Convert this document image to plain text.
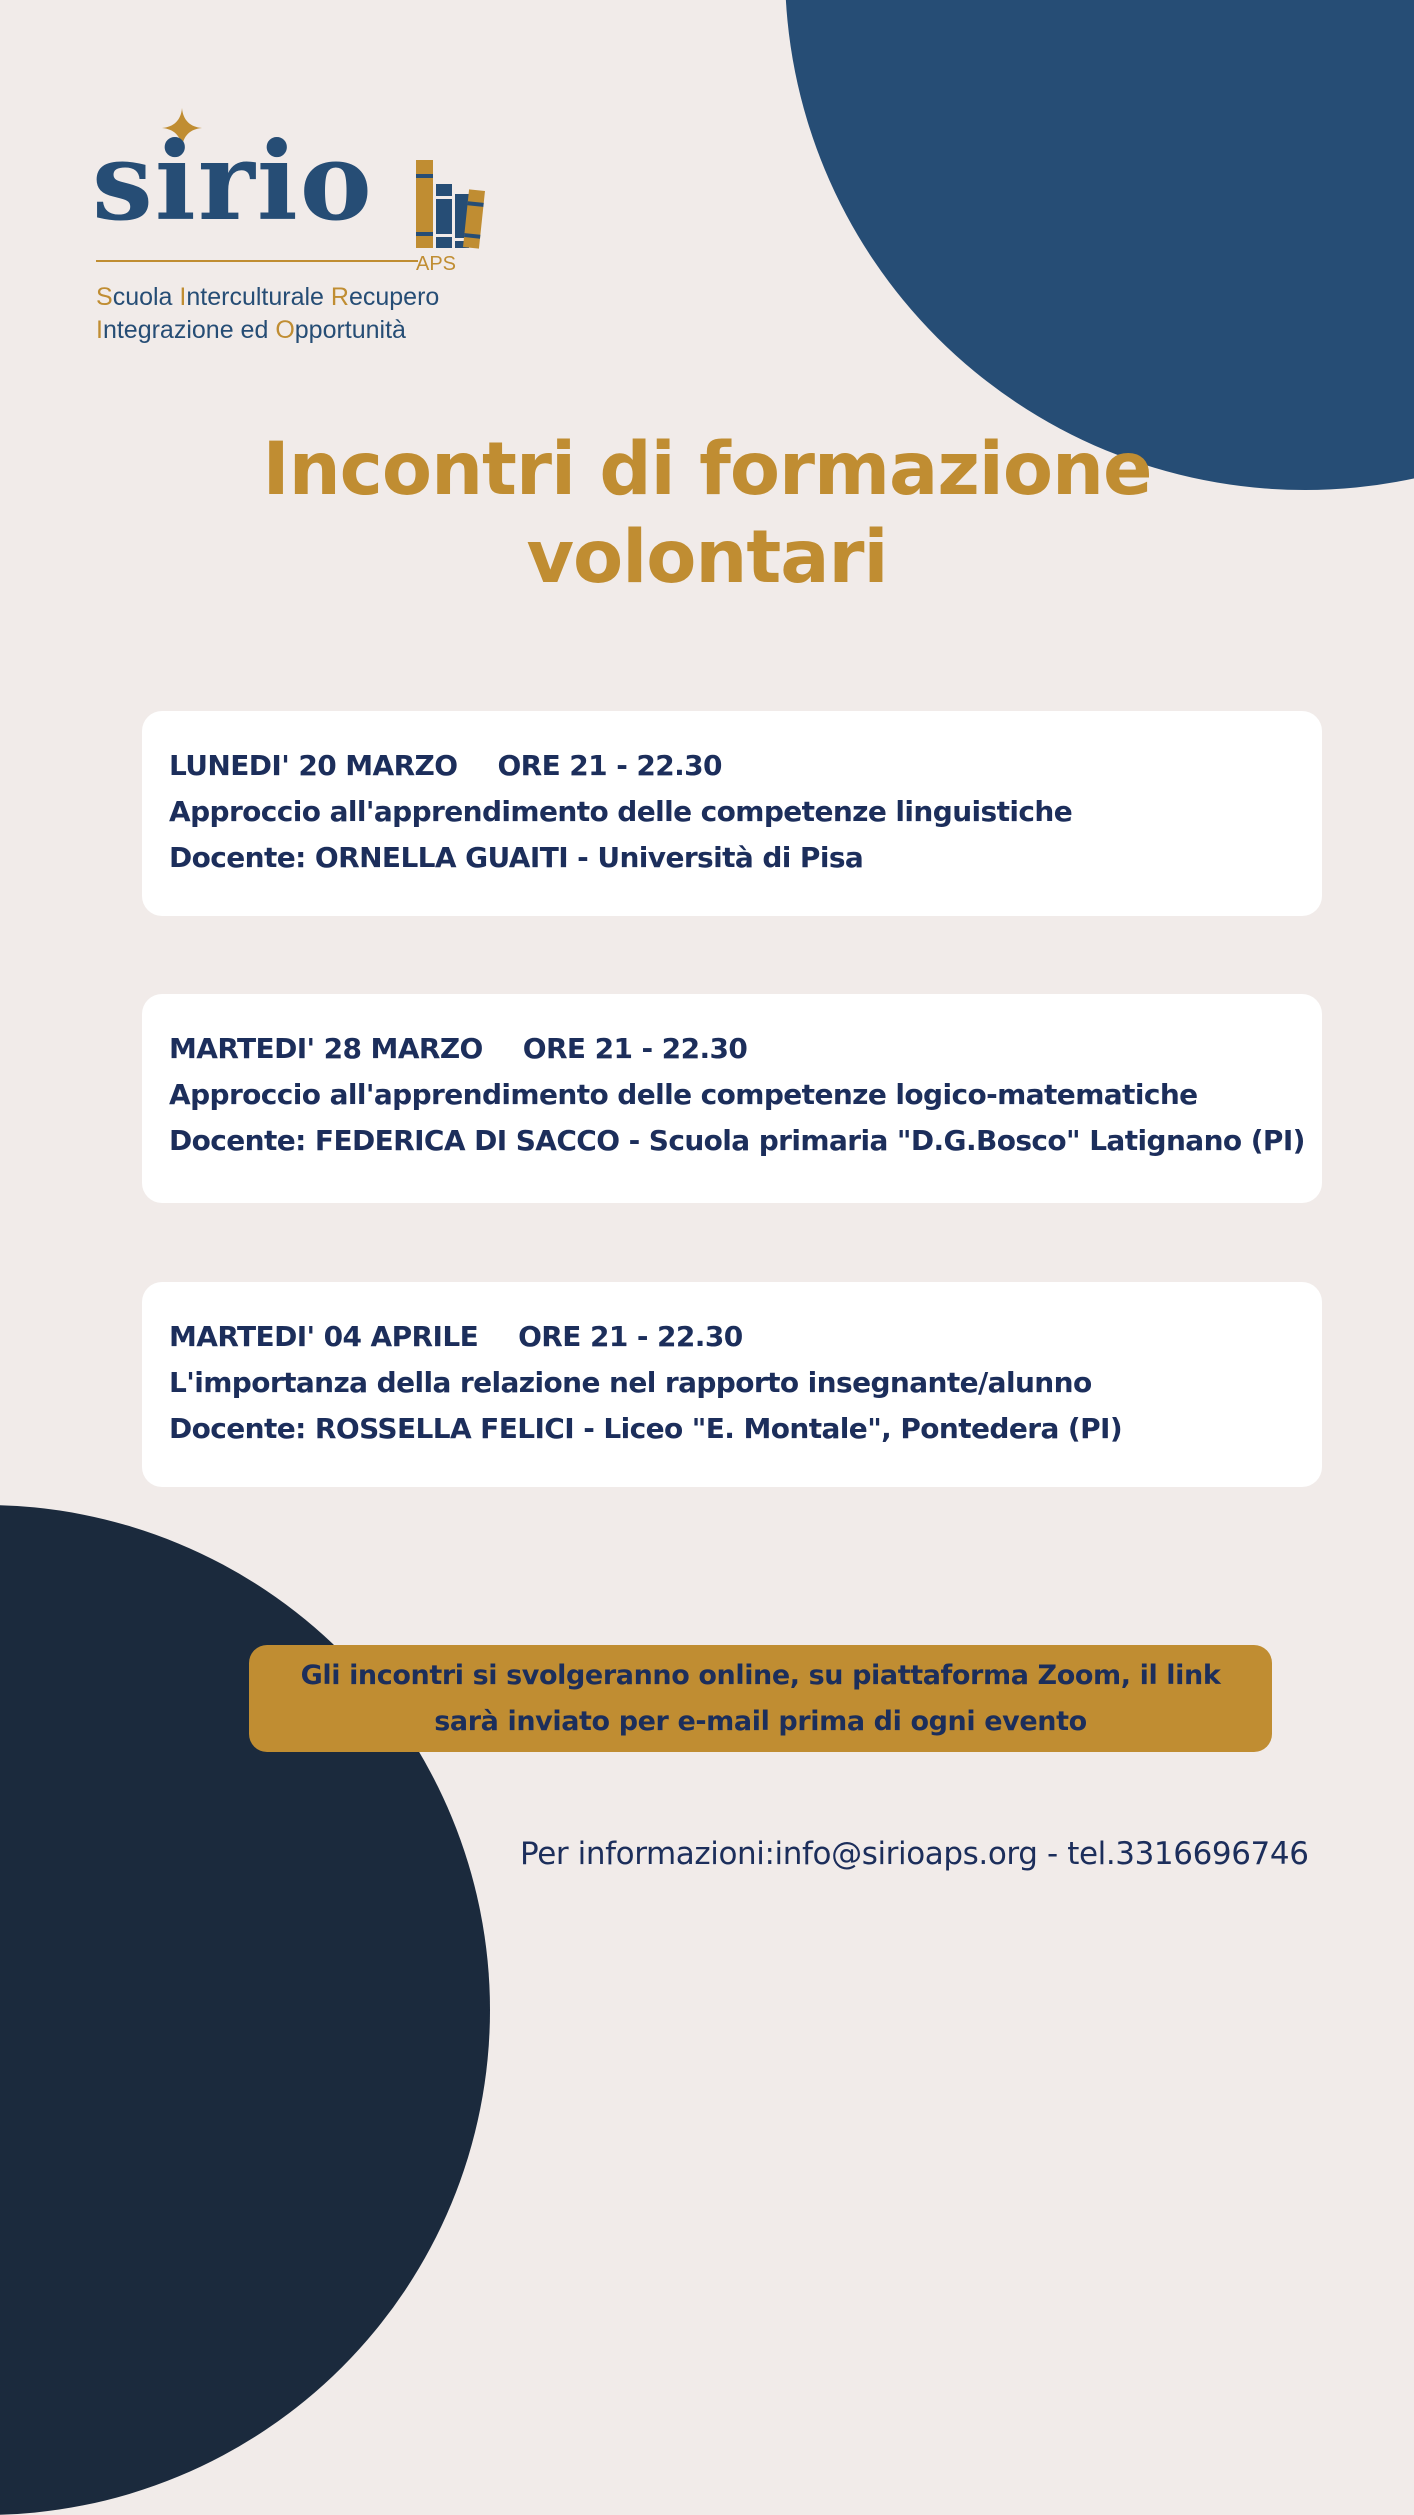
sirio
APS
Scuola Interculturale Recupero
Integrazione ed Opportunità
Incontri di formazione
volontari
LUNEDI' 20 MARZO ORE 21 - 22.30
Approccio all'apprendimento delle competenze linguistiche
Docente: ORNELLA GUAITI - Università di Pisa
MARTEDI' 28 MARZO ORE 21 - 22.30
Approccio all'apprendimento delle competenze logico-matematiche
Docente: FEDERICA DI SACCO - Scuola primaria "D.G.Bosco" Latignano (PI)
MARTEDI' 04 APRILE ORE 21 - 22.30
L'importanza della relazione nel rapporto insegnante/alunno
Docente: ROSSELLA FELICI - Liceo "E. Montale", Pontedera (PI)
Gli incontri si svolgeranno online, su piattaforma Zoom, il link
sarà inviato per e-mail prima di ogni evento
Per informazioni:info@sirioaps.org - tel.3316696746
